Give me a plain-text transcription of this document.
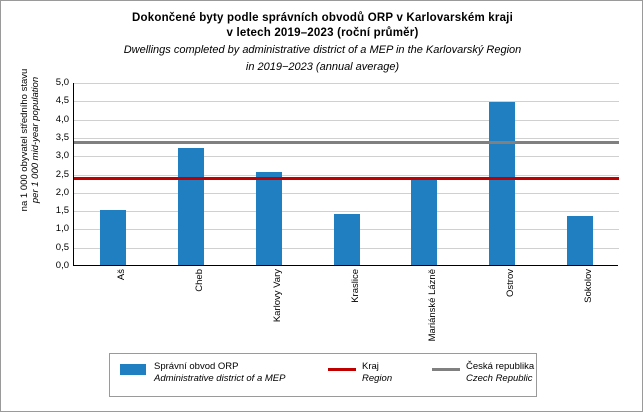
Dokončené byty podle správních obvodů ORP v Karlovarském kraji
v letech 2019–2023 (roční průměr)
Dwellings completed by administrative district of a MEP in the Karlovarský Region
in 2019−2023 (annual average)
na 1 000 obyvatel středního stavu per 1 000 mid-year population
0,0
0,5
1,0
1,5
2,0
2,5
3,0
3,5
4,0
4,5
5,0
Aš	Cheb	Karlovy Vary	Kraslice	Mariánské Lázně	Ostrov	Sokolov
Správní obvod ORP
Administrative district of a MEP
Kraj
Region
Česká republika
Czech Republic
